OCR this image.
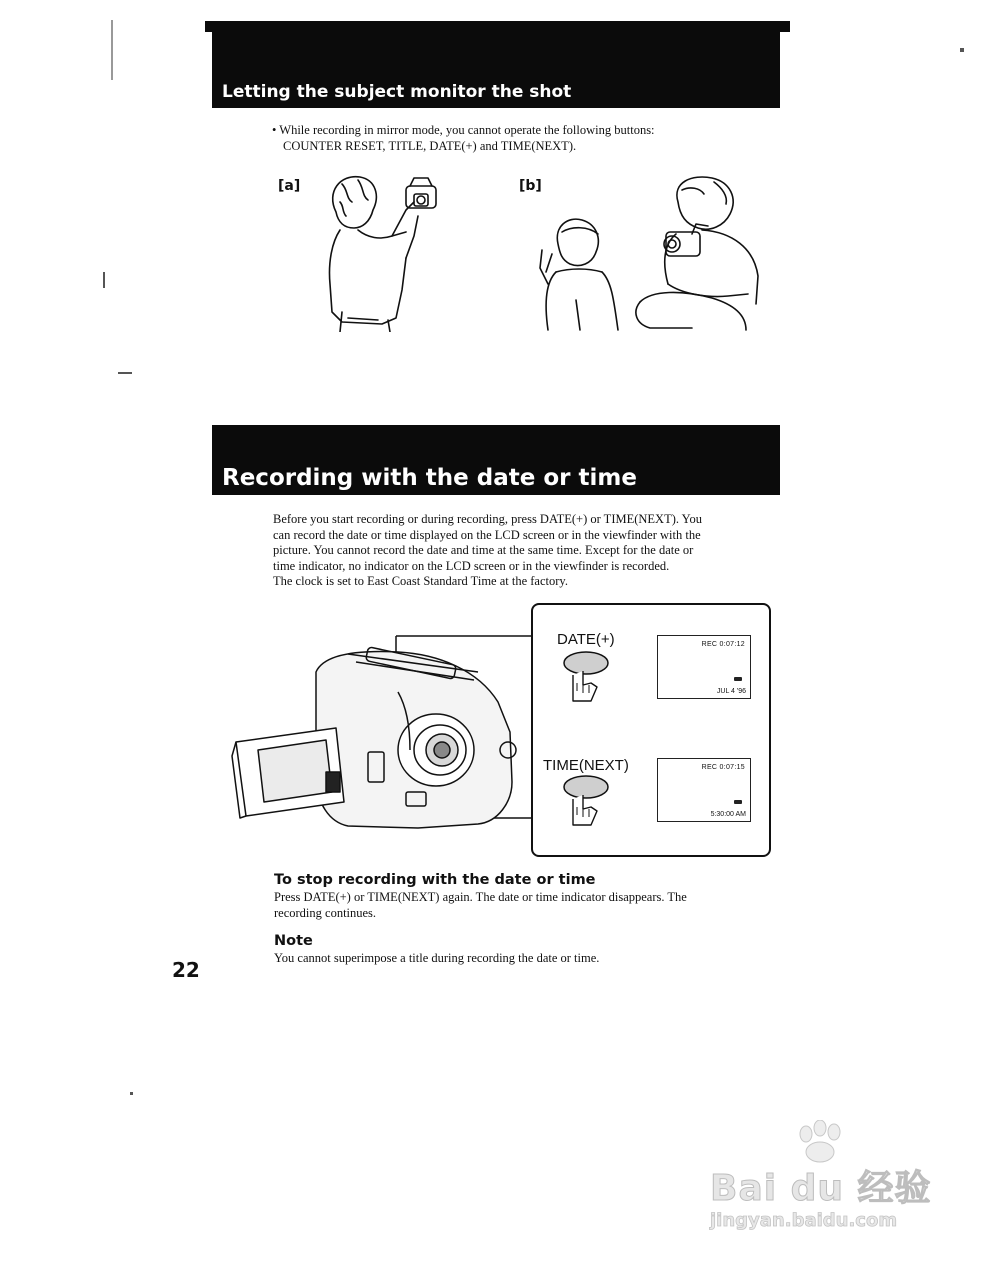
Letting the subject monitor the shot
• While recording in mirror mode, you cannot operate the following buttons:
COUNTER RESET, TITLE, DATE(+) and TIME(NEXT).
[a]	[b]
Recording with the date or time
Before you start recording or during recording, press DATE(+) or TIME(NEXT). You
can record the date or time displayed on the LCD screen or in the viewfinder with the
picture. You cannot record the date and time at the same time. Except for the date or
time indicator, no indicator on the LCD screen or in the viewfinder is recorded.
The clock is set to East Coast Standard Time at the factory.
DATE(+)
TIME(NEXT)
REC 0:07:12
JUL 4 '96
REC 0:07:15
5:30:00 AM
To stop recording with the date or time
Press DATE(+) or TIME(NEXT) again. The date or time indicator disappears. The
recording continues.
Note
You cannot superimpose a title during recording the date or time.
22
Bai du 经验
jingyan.baidu.com
